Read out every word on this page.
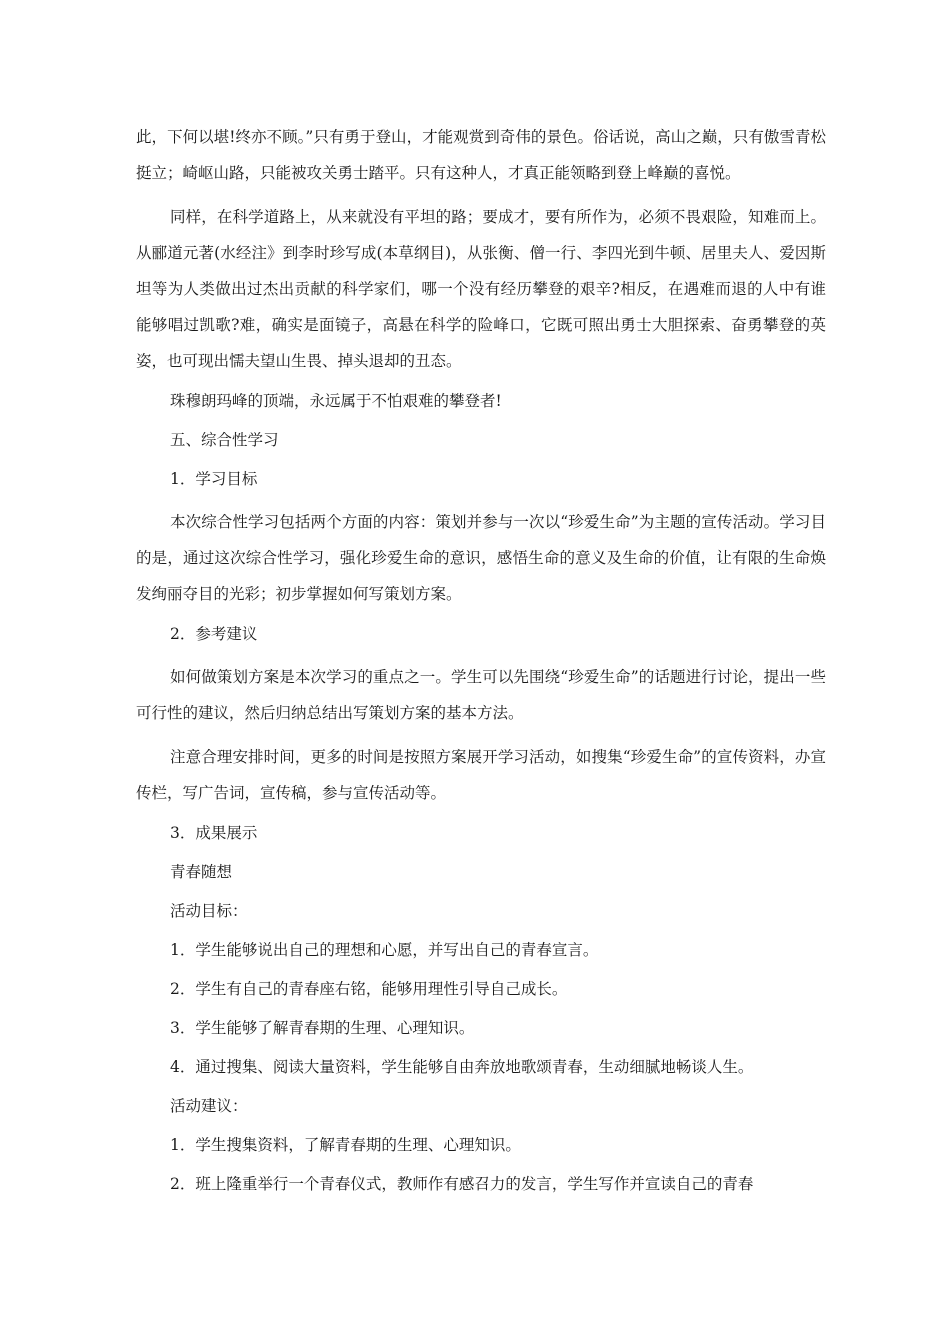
此，下何以堪!终亦不顾。”只有勇于登山，才能观赏到奇伟的景色。俗话说，高山之巅，只有傲雪青松挺立；崎岖山路，只能被攻关勇士踏平。只有这种人，才真正能领略到登上峰巅的喜悦。

同样，在科学道路上，从来就没有平坦的路；要成才，要有所作为，必须不畏艰险，知难而上。从郦道元著(水经注》到李时珍写成(本草纲目)，从张衡、僧一行、李四光到牛顿、居里夫人、爱因斯坦等为人类做出过杰出贡献的科学家们，哪一个没有经历攀登的艰辛?相反，在遇难而退的人中有谁能够唱过凯歌?难，确实是面镜子，高悬在科学的险峰口，它既可照出勇士大胆探索、奋勇攀登的英姿，也可现出懦夫望山生畏、掉头退却的丑态。

珠穆朗玛峰的顶端，永远属于不怕艰难的攀登者!

五、综合性学习

1．学习目标

本次综合性学习包括两个方面的内容：策划并参与一次以“珍爱生命”为主题的宣传活动。学习目的是，通过这次综合性学习，强化珍爱生命的意识，感悟生命的意义及生命的价值，让有限的生命焕发绚丽夺目的光彩；初步掌握如何写策划方案。

2．参考建议

如何做策划方案是本次学习的重点之一。学生可以先围绕“珍爱生命”的话题进行讨论，提出一些可行性的建议，然后归纳总结出写策划方案的基本方法。

注意合理安排时间，更多的时间是按照方案展开学习活动，如搜集“珍爱生命”的宣传资料，办宣传栏，写广告词，宣传稿，参与宣传活动等。

3．成果展示

青春随想

活动目标：

1．学生能够说出自己的理想和心愿，并写出自己的青春宣言。

2．学生有自己的青春座右铭，能够用理性引导自己成长。

3．学生能够了解青春期的生理、心理知识。

4．通过搜集、阅读大量资料，学生能够自由奔放地歌颂青春，生动细腻地畅谈人生。

活动建议：

1．学生搜集资料，了解青春期的生理、心理知识。

2．班上隆重举行一个青春仪式，教师作有感召力的发言，学生写作并宣读自己的青春
